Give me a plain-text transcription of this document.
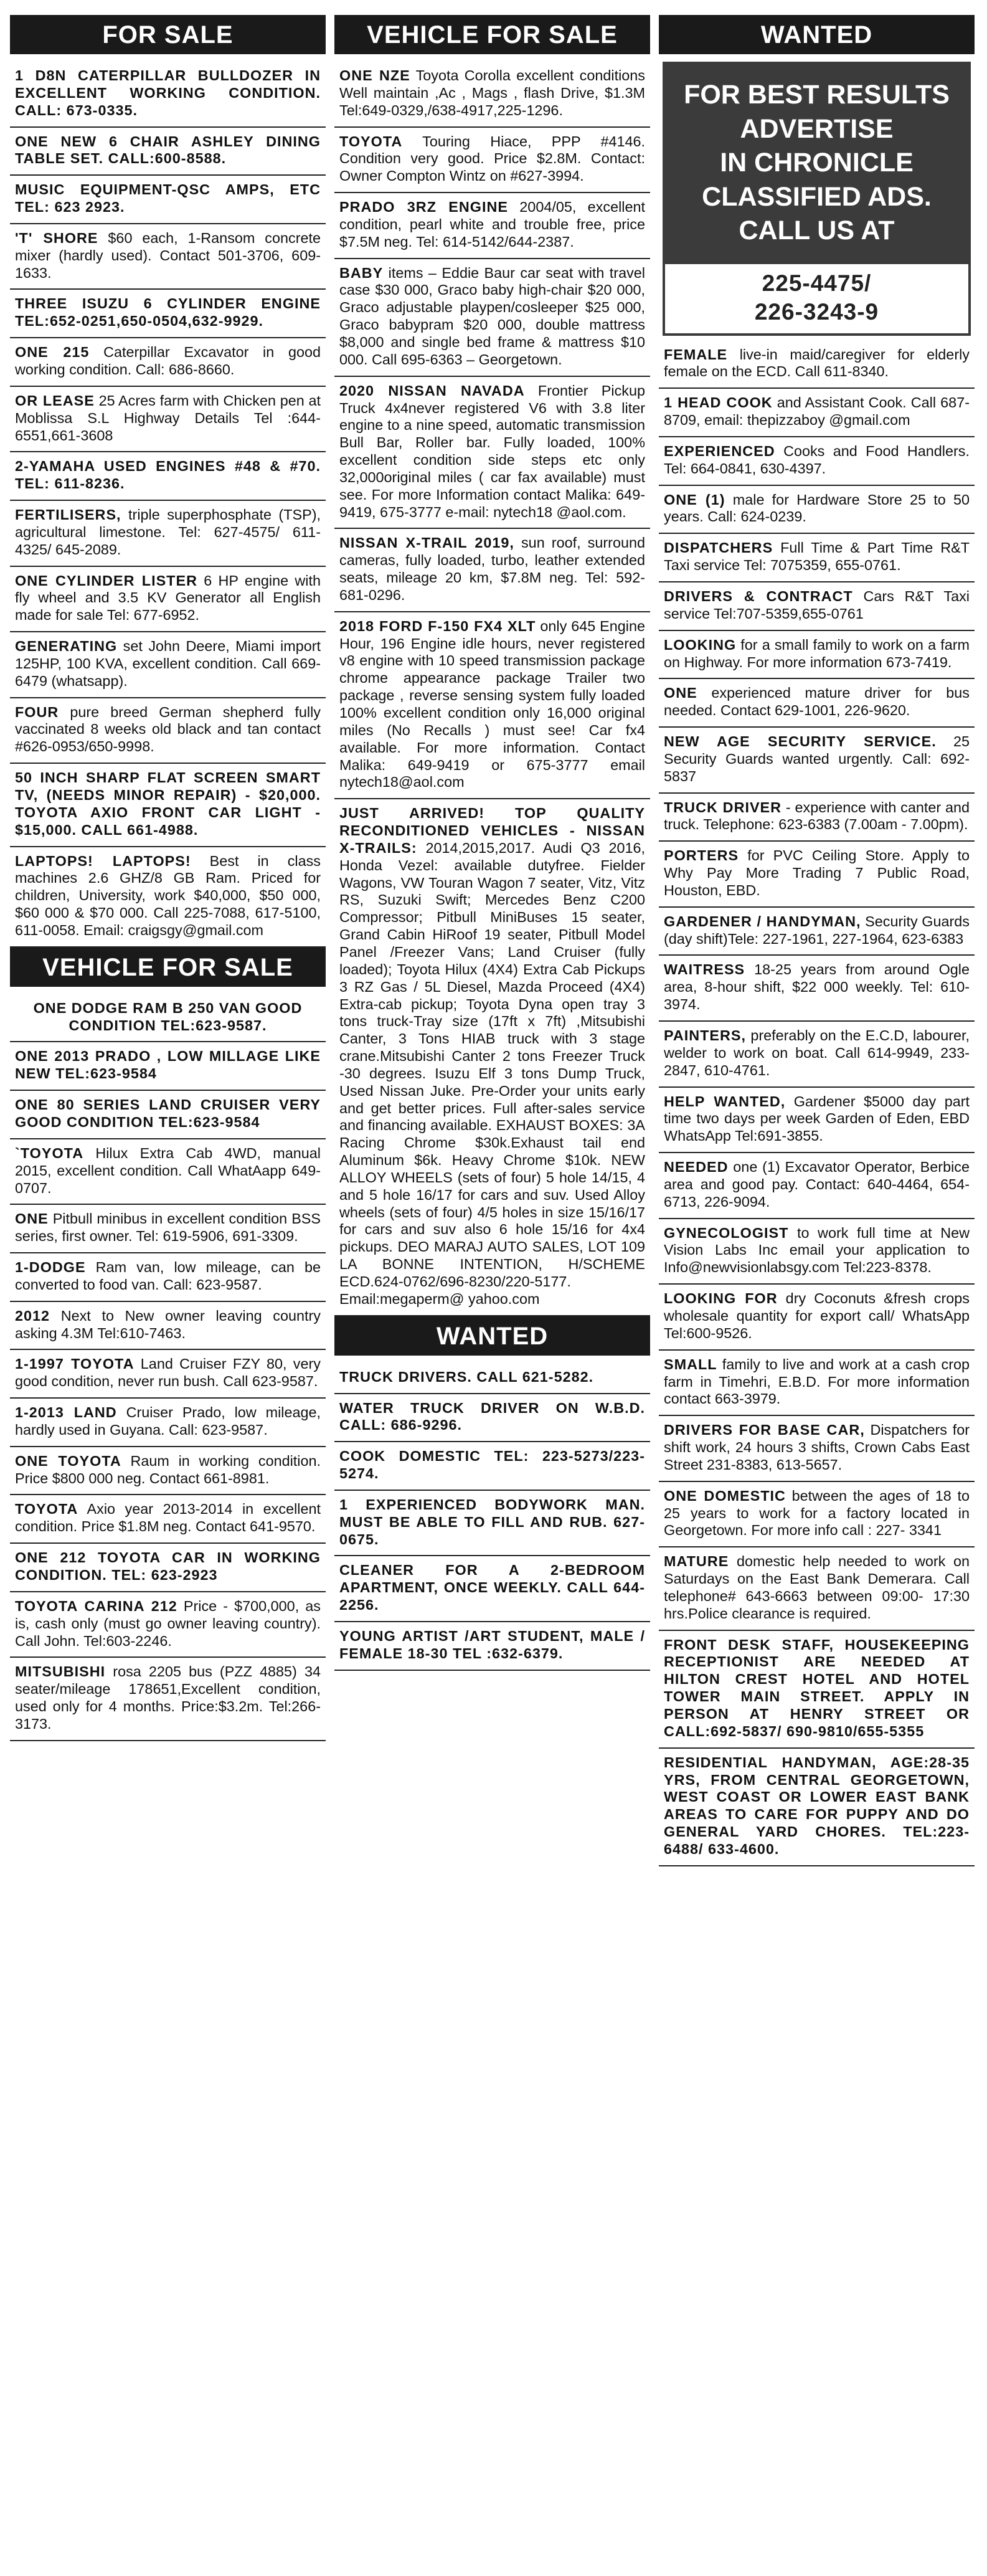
FOR SALE
1 D8N CATERPILLAR BULLDOZER IN EXCELLENT WORKING CONDITION. CALL: 673-0335.
ONE NEW 6 CHAIR ASHLEY DINING TABLE SET. CALL:600-8588.
MUSIC EQUIPMENT-QSC AMPS, ETC TEL: 623 2923.
'T' SHORE $60 each, 1-Ransom concrete mixer (hardly used). Contact 501-3706, 609-1633.
THREE ISUZU 6 CYLINDER ENGINE TEL:652-0251,650-0504,632-9929.
ONE 215 Caterpillar Excavator in good working condition. Call: 686-8660.
OR LEASE 25 Acres farm with Chicken pen at Moblissa S.L Highway Details Tel :644-6551,661-3608
2-YAMAHA USED ENGINES #48 & #70. TEL: 611-8236.
FERTILISERS, triple superphosphate (TSP), agricultural limestone. Tel: 627-4575/ 611-4325/ 645-2089.
ONE CYLINDER LISTER 6 HP engine with fly wheel and 3.5 KV Generator all English made for sale Tel: 677-6952.
GENERATING set John Deere, Miami import 125HP, 100 KVA, excellent condition. Call 669-6479 (whatsapp).
FOUR pure breed German shepherd fully vaccinated 8 weeks old black and tan contact #626-0953/650-9998.
50 INCH SHARP FLAT SCREEN SMART TV, (NEEDS MINOR REPAIR) - $20,000. TOYOTA AXIO FRONT CAR LIGHT - $15,000. CALL 661-4988.
LAPTOPS! LAPTOPS! Best in class machines 2.6 GHZ/8 GB Ram. Priced for children, University, work $40,000, $50 000, $60 000 & $70 000. Call 225-7088, 617-5100, 611-0058. Email: craigsgy@gmail.com
VEHICLE FOR SALE
ONE DODGE RAM B 250 VAN GOOD CONDITION TEL:623-9587.
ONE 2013 PRADO , LOW MILLAGE LIKE NEW TEL:623-9584
ONE 80 SERIES LAND CRUISER VERY GOOD CONDITION TEL:623-9584
`TOYOTA Hilux Extra Cab 4WD, manual 2015, excellent condition. Call WhatAapp 649-0707.
ONE Pitbull minibus in excellent condition BSS series, first owner. Tel: 619-5906, 691-3309.
1-DODGE Ram van, low mileage, can be converted to food van. Call: 623-9587.
2012 Next to New owner leaving country asking 4.3M Tel:610-7463.
1-1997 TOYOTA Land Cruiser FZY 80, very good condition, never run bush. Call 623-9587.
1-2013 LAND Cruiser Prado, low mileage, hardly used in Guyana. Call: 623-9587.
ONE TOYOTA Raum in working condition. Price $800 000 neg. Contact 661-8981.
TOYOTA Axio year 2013-2014 in excellent condition. Price $1.8M neg. Contact 641-9570.
ONE 212 TOYOTA CAR IN WORKING CONDITION. TEL: 623-2923
TOYOTA CARINA 212 Price - $700,000, as is, cash only (must go owner leaving country). Call John. Tel:603-2246.
MITSUBISHI rosa 2205 bus (PZZ 4885) 34 seater/mileage 178651,Excellent condition, used only for 4 months. Price:$3.2m. Tel:266-3173.
VEHICLE FOR SALE
ONE NZE Toyota Corolla excellent conditions Well maintain ,Ac , Mags , flash Drive, $1.3M Tel:649-0329,/638-4917,225-1296.
TOYOTA Touring Hiace, PPP #4146. Condition very good. Price $2.8M. Contact: Owner Compton Wintz on #627-3994.
PRADO 3RZ ENGINE 2004/05, excellent condition, pearl white and trouble free, price $7.5M neg. Tel: 614-5142/644-2387.
BABY items – Eddie Baur car seat with travel case $30 000, Graco baby high-chair $20 000, Graco adjustable playpen/cosleeper $25 000, Graco babypram $20 000, double mattress $8,000 and single bed frame & mattress $10 000. Call 695-6363 – Georgetown.
2020 NISSAN NAVADA Frontier Pickup Truck 4x4never registered V6 with 3.8 liter engine to a nine speed, automatic transmission Bull Bar, Roller bar. Fully loaded, 100% excellent condition side steps etc only 32,000original miles ( car fax available) must see. For more Information contact Malika: 649-9419, 675-3777 e-mail: nytech18 @aol.com.
NISSAN X-TRAIL 2019, sun roof, surround cameras, fully loaded, turbo, leather extended seats, mileage 20 km, $7.8M neg. Tel: 592-681-0296.
2018 FORD F-150 FX4 XLT only 645 Engine Hour, 196 Engine idle hours, never registered v8 engine with 10 speed transmission package chrome appearance package Trailer two package , reverse sensing system fully loaded 100% excellent condition only 16,000 original miles (No Recalls ) must see! Car fx4 available. For more information. Contact Malika: 649-9419 or 675-3777 email nytech18@aol.com
JUST ARRIVED! TOP QUALITY RECONDITIONED VEHICLES - NISSAN X-TRAILS: 2014,2015,2017. Audi Q3 2016, Honda Vezel: available dutyfree. Fielder Wagons, VW Touran Wagon 7 seater, Vitz, Vitz RS, Suzuki Swift; Mercedes Benz C200 Compressor; Pitbull MiniBuses 15 seater, Grand Cabin HiRoof 19 seater, Pitbull Model Panel /Freezer Vans; Land Cruiser (fully loaded); Toyota Hilux (4X4) Extra Cab Pickups 3 RZ Gas / 5L Diesel, Mazda Proceed (4X4) Extra-cab pickup; Toyota Dyna open tray 3 tons truck-Tray size (17ft x 7ft) ,Mitsubishi Canter, 3 Tons HIAB truck with 3 stage crane.Mitsubishi Canter 2 tons Freezer Truck -30 degrees. Isuzu Elf 3 tons Dump Truck, Used Nissan Juke. Pre-Order your units early and get better prices. Full after-sales service and financing available. EXHAUST BOXES: 3A Racing Chrome $30k.Exhaust tail end Aluminum $6k. Heavy Chrome $10k. NEW ALLOY WHEELS (sets of four) 5 hole 14/15, 4 and 5 hole 16/17 for cars and suv. Used Alloy wheels (sets of four) 4/5 holes in size 15/16/17 for cars and suv also 6 hole 15/16 for 4x4 pickups. DEO MARAJ AUTO SALES, LOT 109 LA BONNE INTENTION, H/SCHEME ECD.624-0762/696-8230/220-5177. Email:megaperm@ yahoo.com
WANTED
TRUCK DRIVERS. CALL 621-5282.
WATER TRUCK DRIVER ON W.B.D. CALL: 686-9296.
COOK DOMESTIC TEL: 223-5273/223-5274.
1 EXPERIENCED BODYWORK MAN. MUST BE ABLE TO FILL AND RUB. 627-0675.
CLEANER FOR A 2-BEDROOM APARTMENT, ONCE WEEKLY. CALL 644-2256.
YOUNG ARTIST /ART STUDENT, MALE / FEMALE 18-30 TEL :632-6379.
WANTED
FOR BEST RESULTS
ADVERTISE
IN CHRONICLE
CLASSIFIED ADS.
CALL US AT
225-4475/
226-3243-9
FEMALE live-in maid/caregiver for elderly female on the ECD. Call 611-8340.
1 HEAD COOK and Assistant Cook. Call 687-8709, email: thepizzaboy @gmail.com
EXPERIENCED Cooks and Food Handlers. Tel: 664-0841, 630-4397.
ONE (1) male for Hardware Store 25 to 50 years. Call: 624-0239.
DISPATCHERS Full Time & Part Time R&T Taxi service Tel: 7075359, 655-0761.
DRIVERS & CONTRACT Cars R&T Taxi service Tel:707-5359,655-0761
LOOKING for a small family to work on a farm on Highway. For more information 673-7419.
ONE experienced mature driver for bus needed. Contact 629-1001, 226-9620.
NEW AGE SECURITY SERVICE. 25 Security Guards wanted urgently. Call: 692-5837
TRUCK DRIVER - experience with canter and truck. Telephone: 623-6383 (7.00am - 7.00pm).
PORTERS for PVC Ceiling Store. Apply to Why Pay More Trading 7 Public Road, Houston, EBD.
GARDENER / HANDYMAN, Security Guards (day shift)Tele: 227-1961, 227-1964, 623-6383
WAITRESS 18-25 years from around Ogle area, 8-hour shift, $22 000 weekly. Tel: 610-3974.
PAINTERS, preferably on the E.C.D, labourer, welder to work on boat. Call 614-9949, 233-2847, 610-4761.
HELP WANTED, Gardener $5000 day part time two days per week Garden of Eden, EBD WhatsApp Tel:691-3855.
NEEDED one (1) Excavator Operator, Berbice area and good pay. Contact: 640-4464, 654-6713, 226-9094.
GYNECOLOGIST to work full time at New Vision Labs Inc email your application to Info@newvisionlabsgy.com Tel:223-8378.
LOOKING FOR dry Coconuts &fresh crops wholesale quantity for export call/ WhatsApp Tel:600-9526.
SMALL family to live and work at a cash crop farm in Timehri, E.B.D. For more information contact 663-3979.
DRIVERS FOR BASE CAR, Dispatchers for shift work, 24 hours 3 shifts, Crown Cabs East Street 231-8383, 613-5657.
ONE DOMESTIC between the ages of 18 to 25 years to work for a factory located in Georgetown. For more info call : 227- 3341
MATURE domestic help needed to work on Saturdays on the East Bank Demerara. Call telephone# 643-6663 between 09:00- 17:30 hrs.Police clearance is required.
FRONT DESK STAFF, HOUSEKEEPING RECEPTIONIST ARE NEEDED AT HILTON CREST HOTEL AND HOTEL TOWER MAIN STREET. APPLY IN PERSON AT HENRY STREET OR CALL:692-5837/ 690-9810/655-5355
RESIDENTIAL HANDYMAN, AGE:28-35 YRS, FROM CENTRAL GEORGETOWN, WEST COAST OR LOWER EAST BANK AREAS TO CARE FOR PUPPY AND DO GENERAL YARD CHORES. TEL:223-6488/ 633-4600.
